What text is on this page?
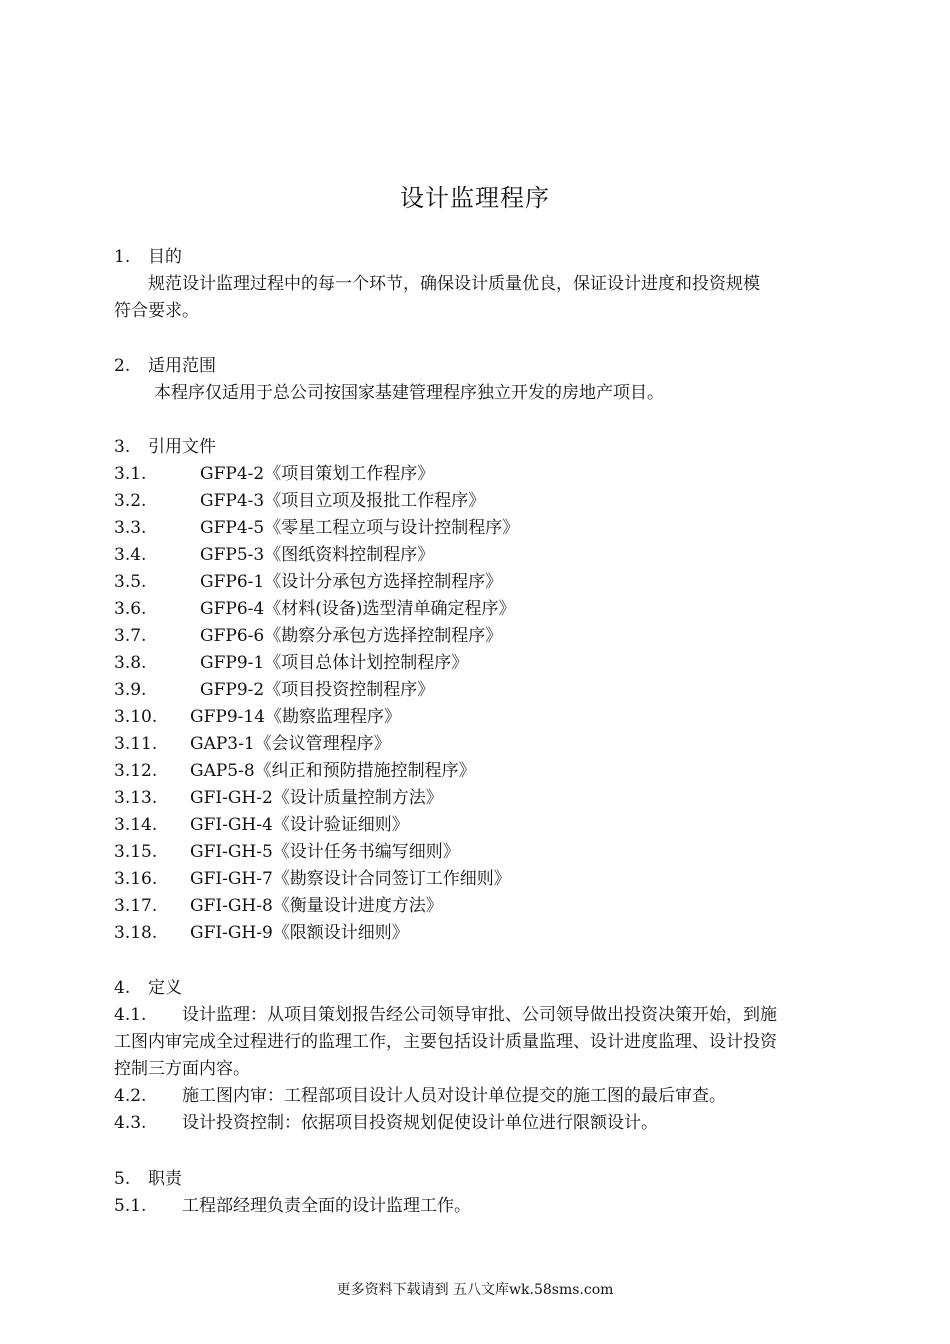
设计监理程序
1. 目的
规范设计监理过程中的每一个环节，确保设计质量优良，保证设计进度和投资规模
符合要求。
2. 适用范围
本程序仅适用于总公司按国家基建管理程序独立开发的房地产项目。
3. 引用文件
3.1.	GFP4-2《项目策划工作程序》
3.2.	GFP4-3《项目立项及报批工作程序》
3.3.	GFP4-5《零星工程立项与设计控制程序》
3.4.	GFP5-3《图纸资料控制程序》
3.5.	GFP6-1《设计分承包方选择控制程序》
3.6.	GFP6-4《材料(设备)选型清单确定程序》
3.7.	GFP6-6《勘察分承包方选择控制程序》
3.8.	GFP9-1《项目总体计划控制程序》
3.9.	GFP9-2《项目投资控制程序》
3.10. GFP9-14《勘察监理程序》
3.11. GAP3-1《会议管理程序》
3.12. GAP5-8《纠正和预防措施控制程序》
3.13. GFI-GH-2《设计质量控制方法》
3.14. GFI-GH-4《设计验证细则》
3.15. GFI-GH-5《设计任务书编写细则》
3.16. GFI-GH-7《勘察设计合同签订工作细则》
3.17. GFI-GH-8《衡量设计进度方法》
3.18. GFI-GH-9《限额设计细则》
4. 定义
4.1. 设计监理：从项目策划报告经公司领导审批、公司领导做出投资决策开始，到施
工图内审完成全过程进行的监理工作，主要包括设计质量监理、设计进度监理、设计投资
控制三方面内容。
4.2. 施工图内审：工程部项目设计人员对设计单位提交的施工图的最后审查。
4.3. 设计投资控制：依据项目投资规划促使设计单位进行限额设计。
5. 职责
5.1. 工程部经理负责全面的设计监理工作。
更多资料下载请到 五八文库wk.58sms.com
